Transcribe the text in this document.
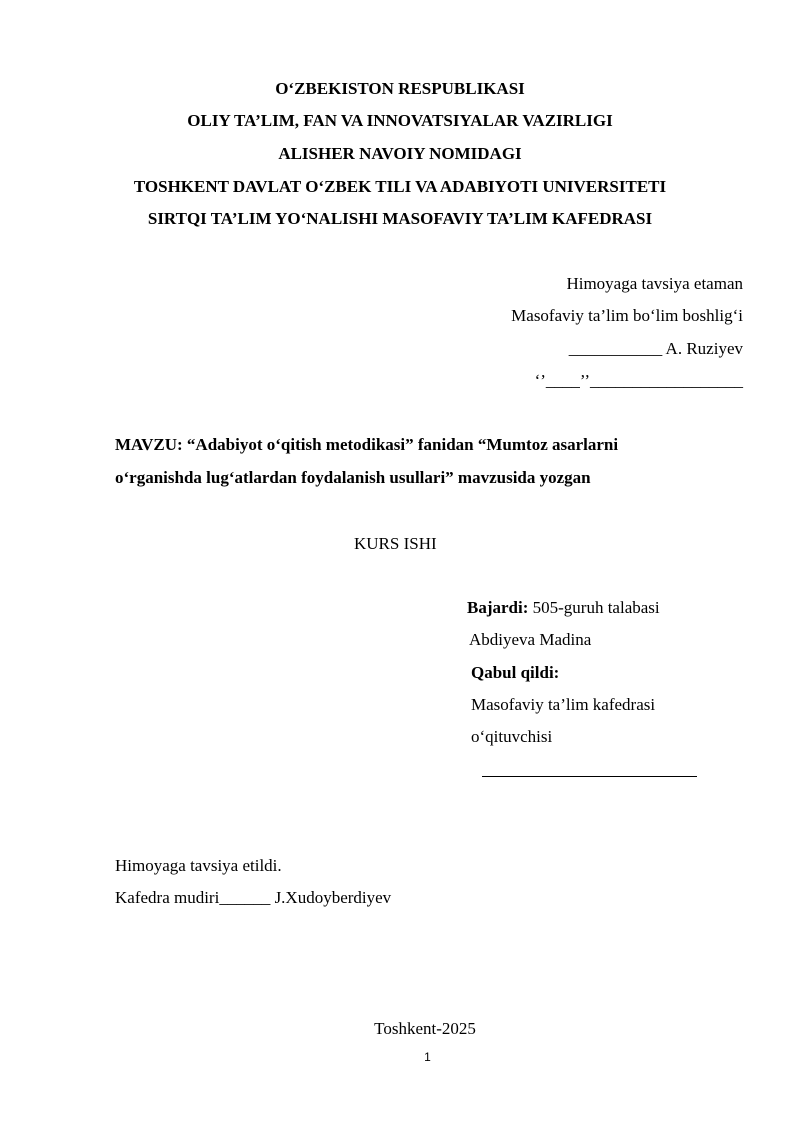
O‘ZBEKISTON RESPUBLIKASI
OLIY TA’LIM, FAN VA INNOVATSIYALAR VAZIRLIGI
ALISHER NAVOIY NOMIDAGI
TOSHKENT DAVLAT O‘ZBEK TILI VA ADABIYOTI UNIVERSITETI
SIRTQI TA’LIM YO‘NALISHI MASOFAVIY TA’LIM KAFEDRASI
Himoyaga tavsiya etaman
Masofaviy ta’lim bo‘lim boshlig‘i
___________ A. Ruziyev
‘’____’’__________________
MAVZU: “Adabiyot o‘qitish metodikasi” fanidan “Mumtoz asarlarni
o‘rganishda lug‘atlardan foydalanish usullari” mavzusida yozgan
KURS ISHI
Bajardi: 505-guruh talabasi
Abdiyeva Madina
Qabul qildi:
Masofaviy ta’lim kafedrasi
o‘qituvchisi
Himoyaga tavsiya etildi.
Kafedra mudiri______ J.Xudoyberdiyev
Toshkent-2025
1
